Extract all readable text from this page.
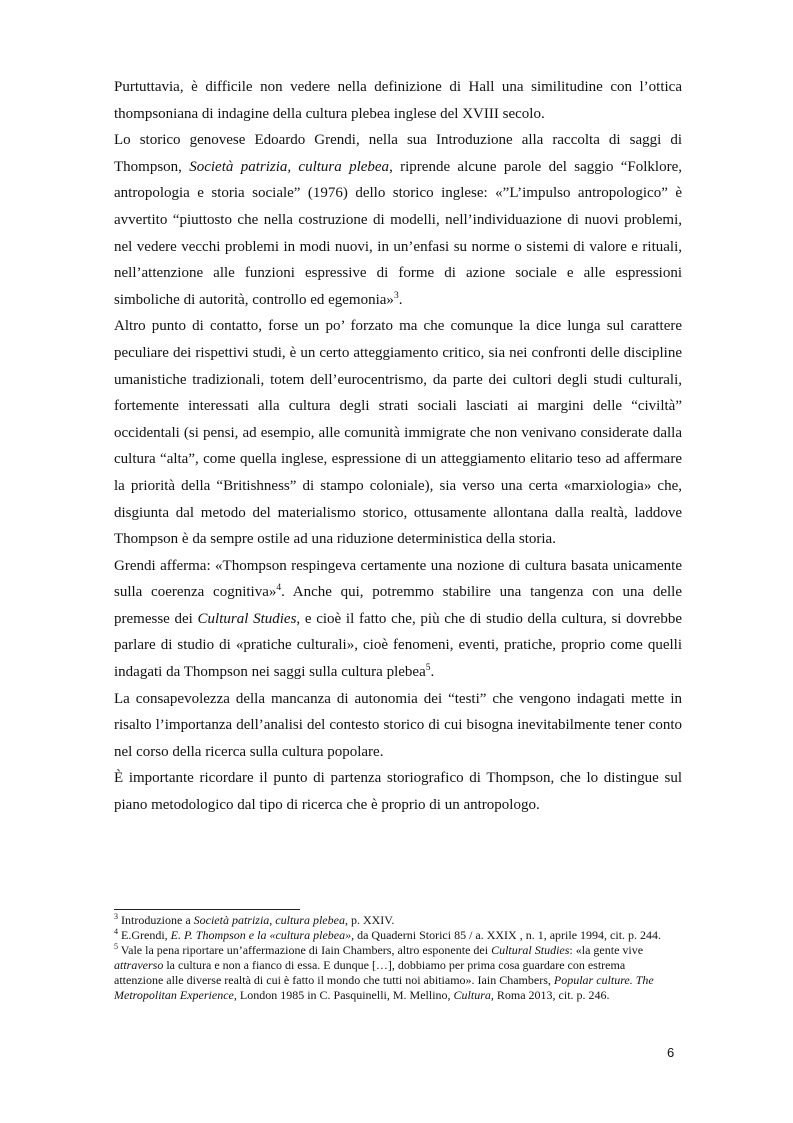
Purtuttavia, è difficile non vedere nella definizione di Hall una similitudine con l’ottica thompsoniana di indagine della cultura plebea inglese del XVIII secolo.

Lo storico genovese Edoardo Grendi, nella sua Introduzione alla raccolta di saggi di Thompson, Società patrizia, cultura plebea, riprende alcune parole del saggio “Folklore, antropologia e storia sociale” (1976) dello storico inglese: «”L’impulso antropologico” è avvertito “piuttosto che nella costruzione di modelli, nell’individuazione di nuovi problemi, nel vedere vecchi problemi in modi nuovi, in un’enfasi su norme o sistemi di valore e rituali, nell’attenzione alle funzioni espressive di forme di azione sociale e alle espressioni simboliche di autorità, controllo ed egemonia»$^3$.

Altro punto di contatto, forse un po’ forzato ma che comunque la dice lunga sul carattere peculiare dei rispettivi studi, è un certo atteggiamento critico, sia nei confronti delle discipline umanistiche tradizionali, totem dell’eurocentrismo, da parte dei cultori degli studi culturali, fortemente interessati alla cultura degli strati sociali lasciati ai margini delle “civiltà” occidentali (si pensi, ad esempio, alle comunità immigrate che non venivano considerate dalla cultura “alta”, come quella inglese, espressione di un atteggiamento elitario teso ad affermare la priorità della “Britishness” di stampo coloniale), sia verso una certa «marxiologia» che, disgiunta dal metodo del materialismo storico, ottusamente allontana dalla realtà, laddove Thompson è da sempre ostile ad una riduzione deterministica della storia.

Grendi afferma: «Thompson respingeva certamente una nozione di cultura basata unicamente sulla coerenza cognitiva»$^4$. Anche qui, potremmo stabilire una tangenza con una delle premesse dei Cultural Studies, e cioè il fatto che, più che di studio della cultura, si dovrebbe parlare di studio di «pratiche culturali», cioè fenomeni, eventi, pratiche, proprio come quelli indagati da Thompson nei saggi sulla cultura plebea$^5$.

La consapevolezza della mancanza di autonomia dei “testi” che vengono indagati mette in risalto l’importanza dell’analisi del contesto storico di cui bisogna inevitabilmente tener conto nel corso della ricerca sulla cultura popolare.

È importante ricordare il punto di partenza storiografico di Thompson, che lo distingue sul piano metodologico dal tipo di ricerca che è proprio di un antropologo.

$^3$ Introduzione a Società patrizia, cultura plebea, p. XXIV.

$^4$ E.Grendi, E. P. Thompson e la «cultura plebea», da Quaderni Storici 85 / a. XXIX , n. 1, aprile 1994, cit. p. 244.

$^5$ Vale la pena riportare un’affermazione di Iain Chambers, altro esponente dei Cultural Studies: «la gente vive attraverso la cultura e non a fianco di essa. E dunque […], dobbiamo per prima cosa guardare con estrema attenzione alle diverse realtà di cui è fatto il mondo che tutti noi abitiamo». Iain Chambers, Popular culture. The Metropolitan Experience, London 1985 in C. Pasquinelli, M. Mellino, Cultura, Roma 2013, cit. p. 246.

6
